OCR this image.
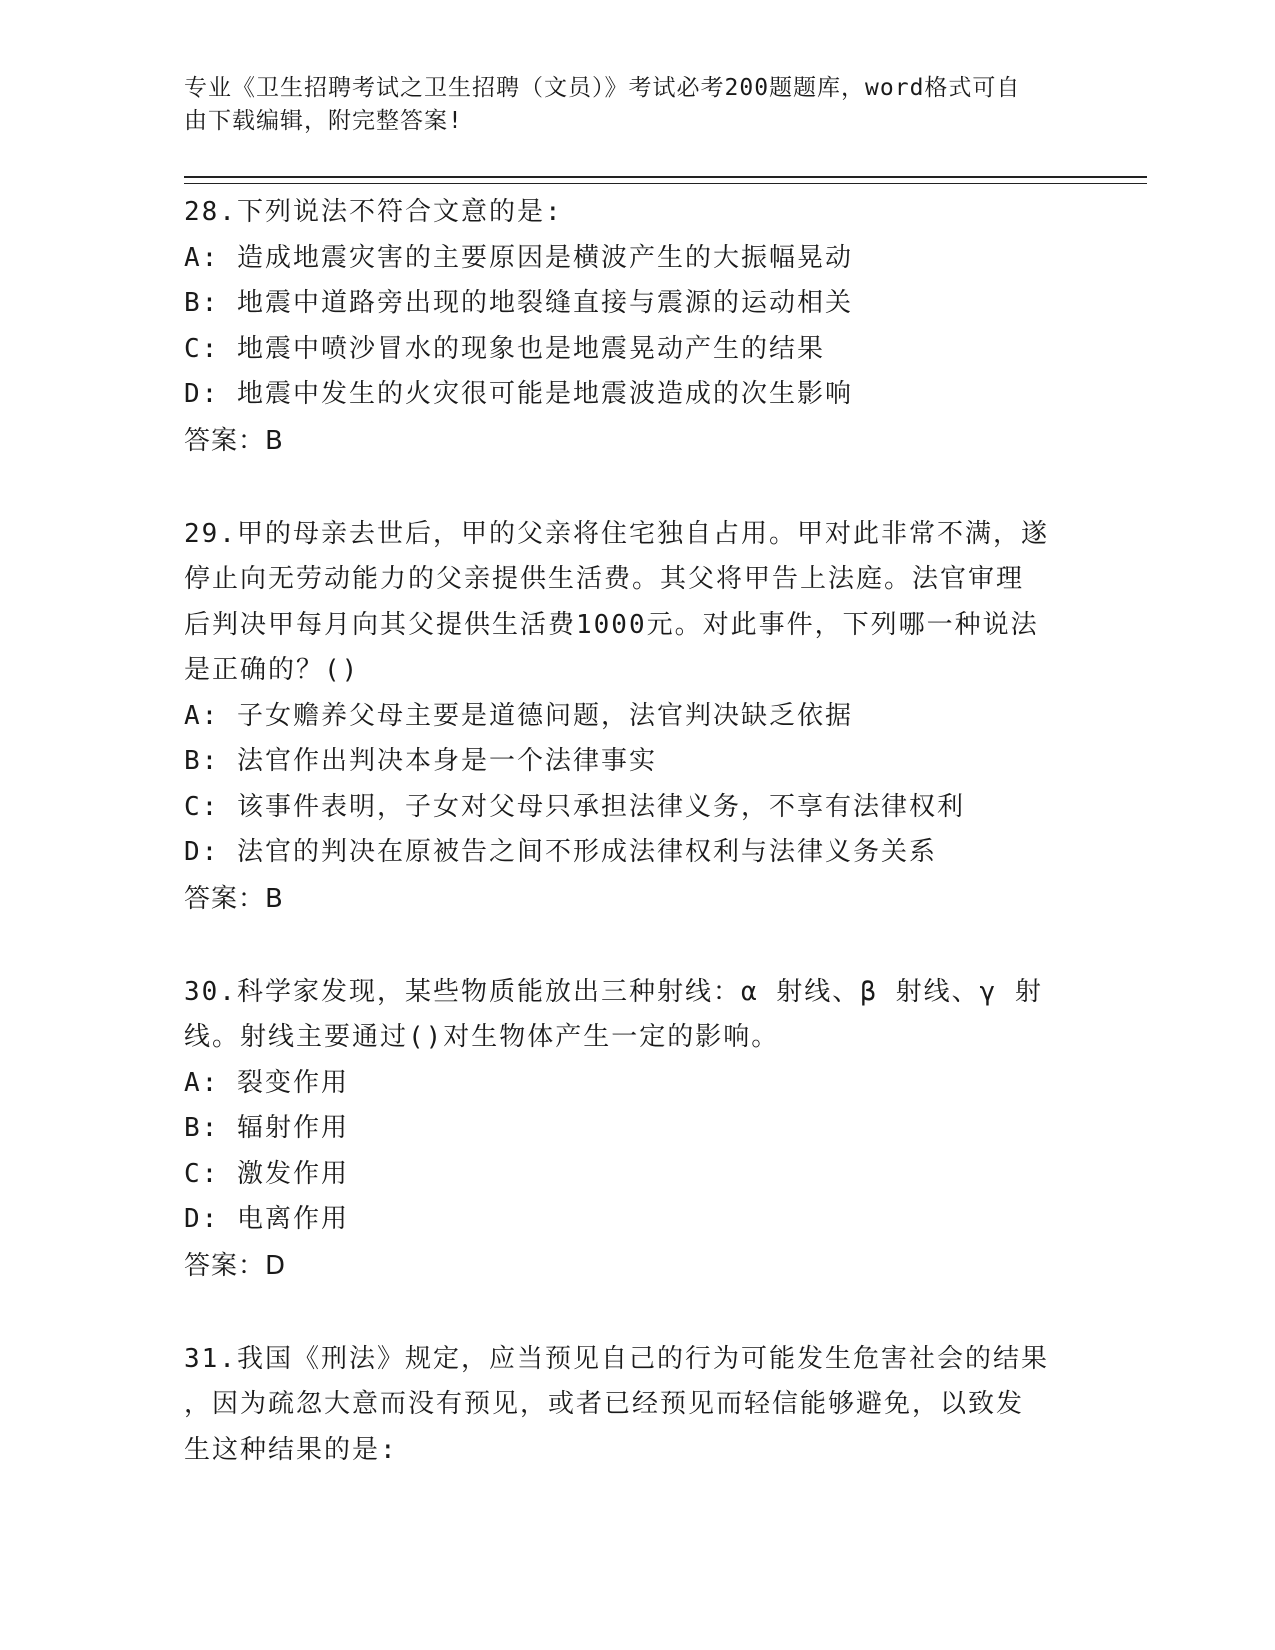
专业《卫生招聘考试之卫生招聘（文员）》考试必考200题题库，word格式可自
由下载编辑，附完整答案!
28.下列说法不符合文意的是:
A: 造成地震灾害的主要原因是横波产生的大振幅晃动
B: 地震中道路旁出现的地裂缝直接与震源的运动相关
C: 地震中喷沙冒水的现象也是地震晃动产生的结果
D: 地震中发生的火灾很可能是地震波造成的次生影响
答案：B
29.甲的母亲去世后，甲的父亲将住宅独自占用。甲对此非常不满，遂
停止向无劳动能力的父亲提供生活费。其父将甲告上法庭。法官审理
后判决甲每月向其父提供生活费1000元。对此事件，下列哪一种说法
是正确的？()
A: 子女赡养父母主要是道德问题，法官判决缺乏依据
B: 法官作出判决本身是一个法律事实
C: 该事件表明，子女对父母只承担法律义务，不享有法律权利
D: 法官的判决在原被告之间不形成法律权利与法律义务关系
答案：B
30.科学家发现，某些物质能放出三种射线：α 射线、β 射线、γ 射
线。射线主要通过()对生物体产生一定的影响。
A: 裂变作用
B: 辐射作用
C: 激发作用
D: 电离作用
答案：D
31.我国《刑法》规定，应当预见自己的行为可能发生危害社会的结果
，因为疏忽大意而没有预见，或者已经预见而轻信能够避免，以致发
生这种结果的是:
